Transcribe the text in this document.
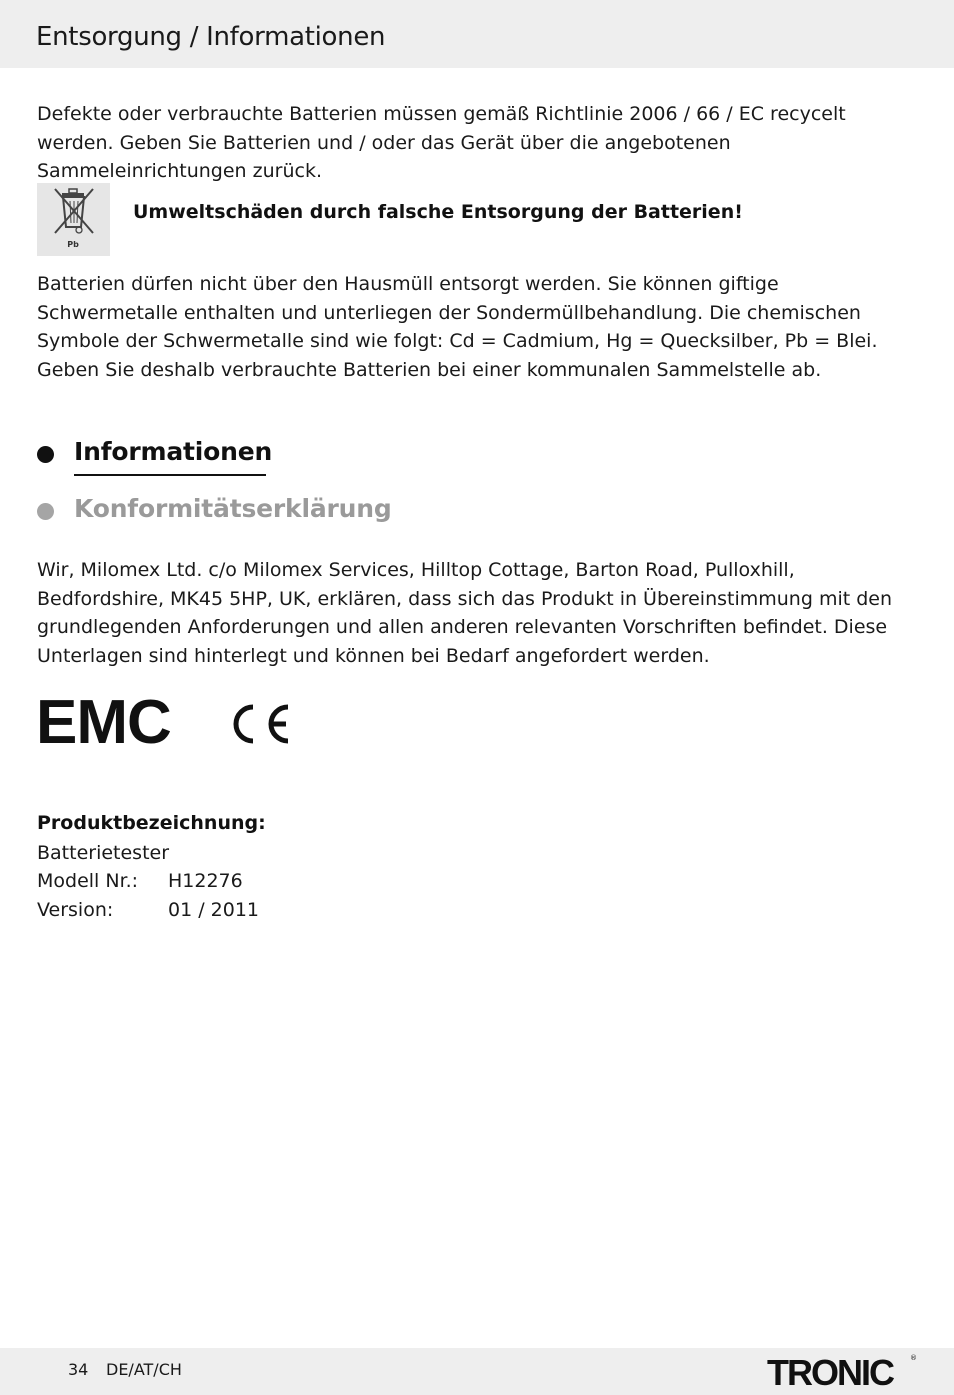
Entsorgung / Informationen

Defekte oder verbrauchte Batterien müssen gemäß Richtlinie 2006 / 66 / EC recycelt werden. Geben Sie Batterien und / oder das Gerät über die angebotenen Sammeleinrichtungen zurück.

Pb
Umweltschäden durch falsche Entsorgung der Batterien!

Batterien dürfen nicht über den Hausmüll entsorgt werden. Sie können giftige Schwermetalle enthalten und unterliegen der Sondermüllbehandlung. Die chemischen Symbole der Schwermetalle sind wie folgt: Cd = Cadmium, Hg = Quecksilber, Pb = Blei. Geben Sie deshalb verbrauchte Batterien bei einer kommunalen Sammelstelle ab.

Informationen
Konformitätserklärung

Wir, Milomex Ltd. c/o Milomex Services, Hilltop Cottage, Barton Road, Pulloxhill, Bedfordshire, MK45 5HP, UK, erklären, dass sich das Produkt in Übereinstimmung mit den grundlegenden Anforderungen und allen anderen relevanten Vorschriften befindet. Diese Unterlagen sind hinterlegt und können bei Bedarf angefordert werden.

EMC
Produktbezeichnung:
Batterietester
Modell Nr.: H12276
Version:	01 / 2011
34 DE/AT/CH	TRONIC ®
